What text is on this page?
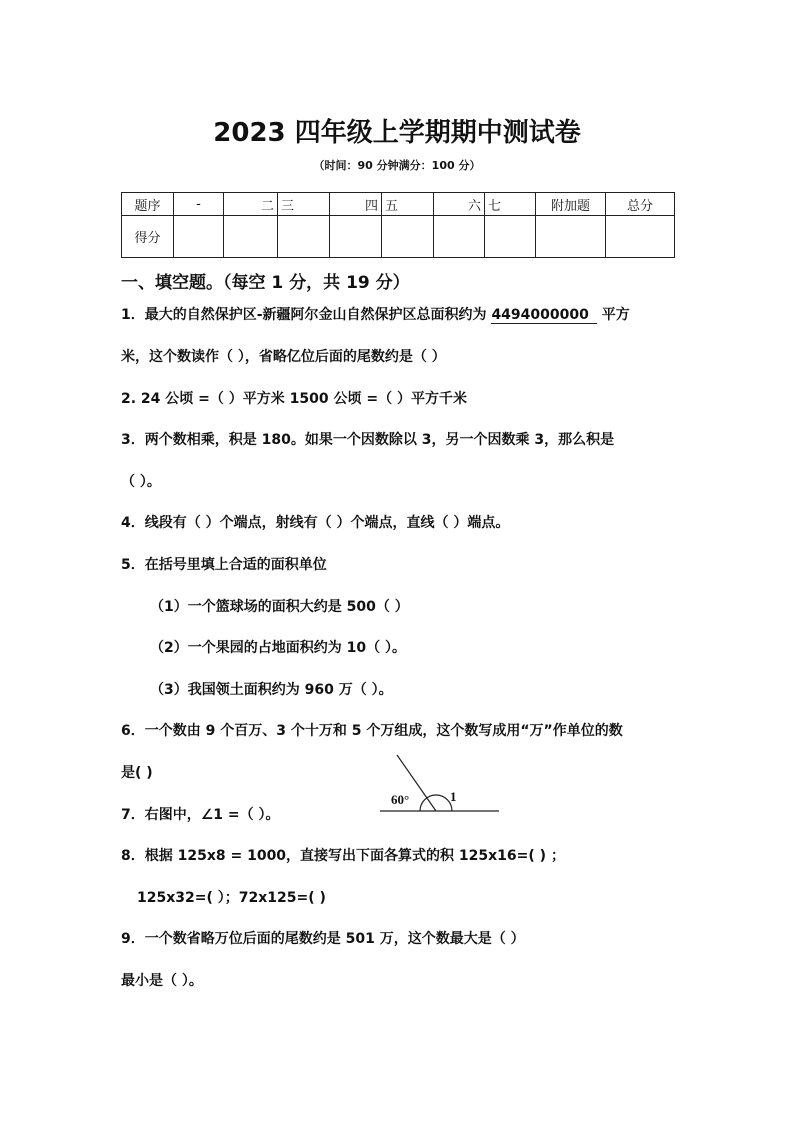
2023 四年级上学期期中测试卷
（时间：90 分钟满分：100 分）
题序	-	二	三	四	五	六	七	附加题	总分
得分									
一、填空题。（每空 1 分，共 19 分）
1．最大的自然保护区-新疆阿尔金山自然保护区总面积约为 4494000000 平方
米，这个数读作（ ），省略亿位后面的尾数约是（ ）
2. 24 公顷 =（ ）平方米 1500 公顷 =（ ）平方千米
3．两个数相乘，积是 180。如果一个因数除以 3，另一个因数乘 3，那么积是
（ ）。
4．线段有（ ）个端点，射线有（ ）个端点，直线（ ）端点。
5．在括号里填上合适的面积单位
（1）一个篮球场的面积大约是 500（ ）
（2）一个果园的占地面积约为 10（ ）。
（3）我国领土面积约为 960 万（ ）。
6．一个数由 9 个百万、3 个十万和 5 个万组成，这个数写成用“万”作单位的数
是( )
60°	1
7．右图中，∠1 =（ ）。
8．根据 125x8 = 1000，直接写出下面各算式的积 125x16=( ) ；
125x32=( ）；72x125=( )
9．一个数省略万位后面的尾数约是 501 万，这个数最大是（ ）
最小是（ ）。
